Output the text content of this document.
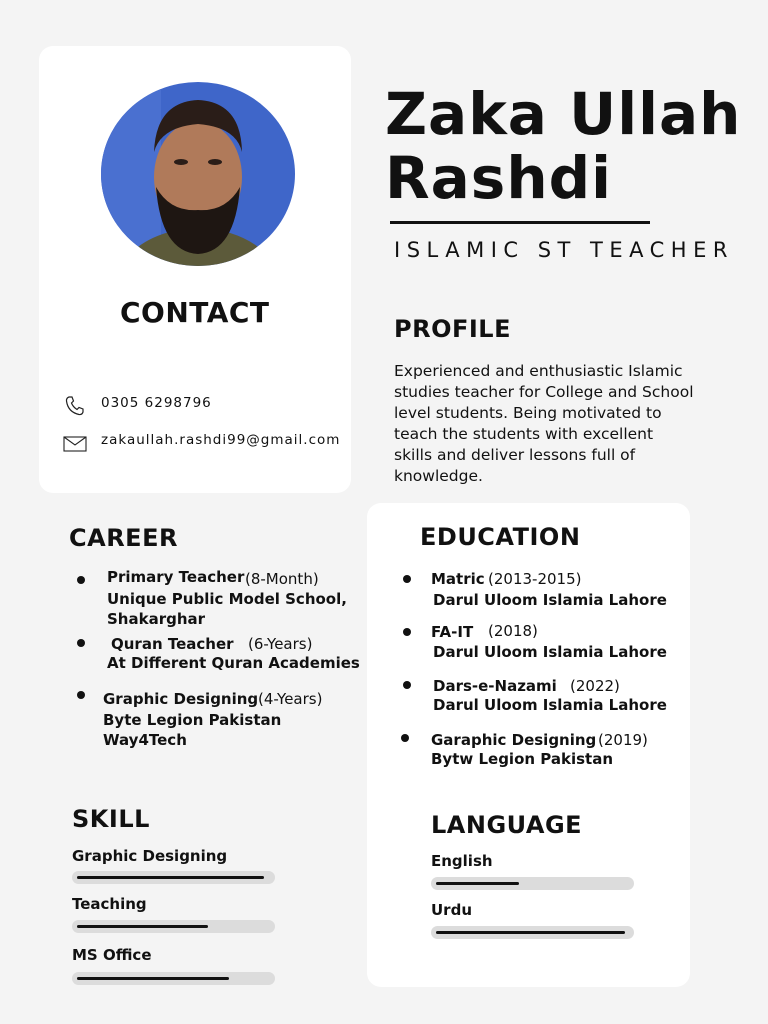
CONTACT
0305 6298796
zakaullah.rashdi99@gmail.com
Zaka Ullah
Rashdi
ISLAMIC ST TEACHER
PROFILE
Experienced and enthusiastic Islamic studies teacher for College and School level students. Being motivated to teach the students with excellent skills and deliver lessons full of knowledge.
CAREER
Primary Teacher (8-Month)
Unique Public Model School,
Shakarghar
Quran Teacher (6-Years)
At Different Quran Academies
Graphic Designing (4-Years)
Byte Legion Pakistan
Way4Tech
EDUCATION
Matric (2013-2015)
Darul Uloom Islamia Lahore
FA-IT (2018)
Darul Uloom Islamia Lahore
Dars-e-Nazami (2022)
Darul Uloom Islamia Lahore
Garaphic Designing (2019)
Bytw Legion Pakistan
SKILL
Graphic Designing
Teaching
MS Office
LANGUAGE
English
Urdu
